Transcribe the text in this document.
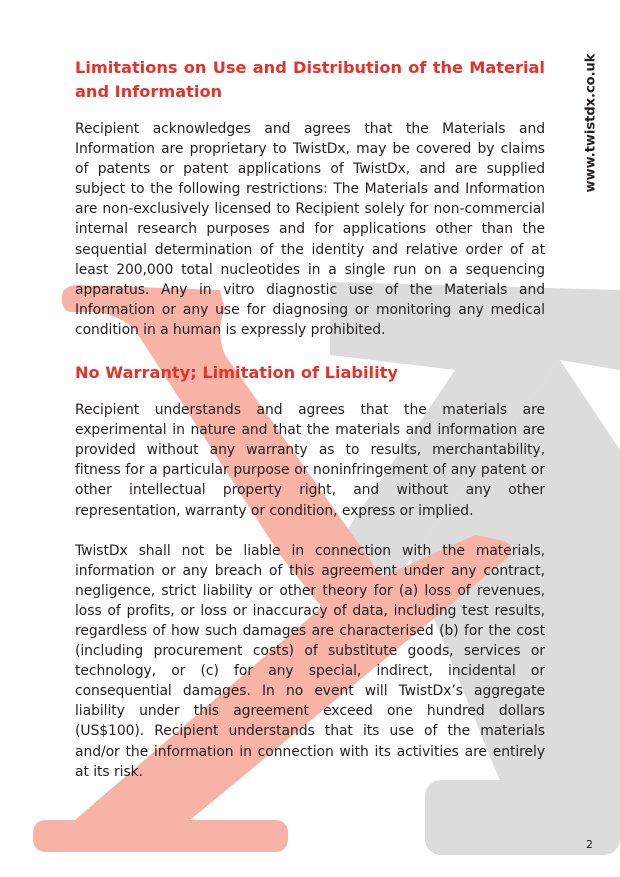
Limitations on Use and Distribution of the Material and Information

Recipient acknowledges and agrees that the Materials and Information are proprietary to TwistDx, may be covered by claims of patents or patent applications of TwistDx, and are supplied subject to the following restrictions: The Materials and Information are non-exclusively licensed to Recipient solely for non-commercial internal research purposes and for applications other than the sequential determination of the identity and relative order of at least 200,000 total nucleotides in a single run on a sequencing apparatus. Any in vitro diagnostic use of the Materials and Information or any use for diagnosing or monitoring any medical condition in a human is expressly prohibited.

No Warranty; Limitation of Liability

Recipient understands and agrees that the materials are experimental in nature and that the materials and information are provided without any warranty as to results, merchantability, fitness for a particular purpose or noninfringement of any patent or other intellectual property right, and without any other representation, warranty or condition, express or implied.

TwistDx shall not be liable in connection with the materials, information or any breach of this agreement under any contract, negligence, strict liability or other theory for (a) loss of revenues, loss of profits, or loss or inaccuracy of data, including test results, regardless of how such damages are characterised (b) for the cost (including procurement costs) of substitute goods, services or technology, or (c) for any special, indirect, incidental or consequential damages. In no event will TwistDx’s aggregate liability under this agreement exceed one hundred dollars (US$100). Recipient understands that its use of the materials and/or the information in connection with its activities are entirely at its risk.

www.twistdx.co.uk
2
